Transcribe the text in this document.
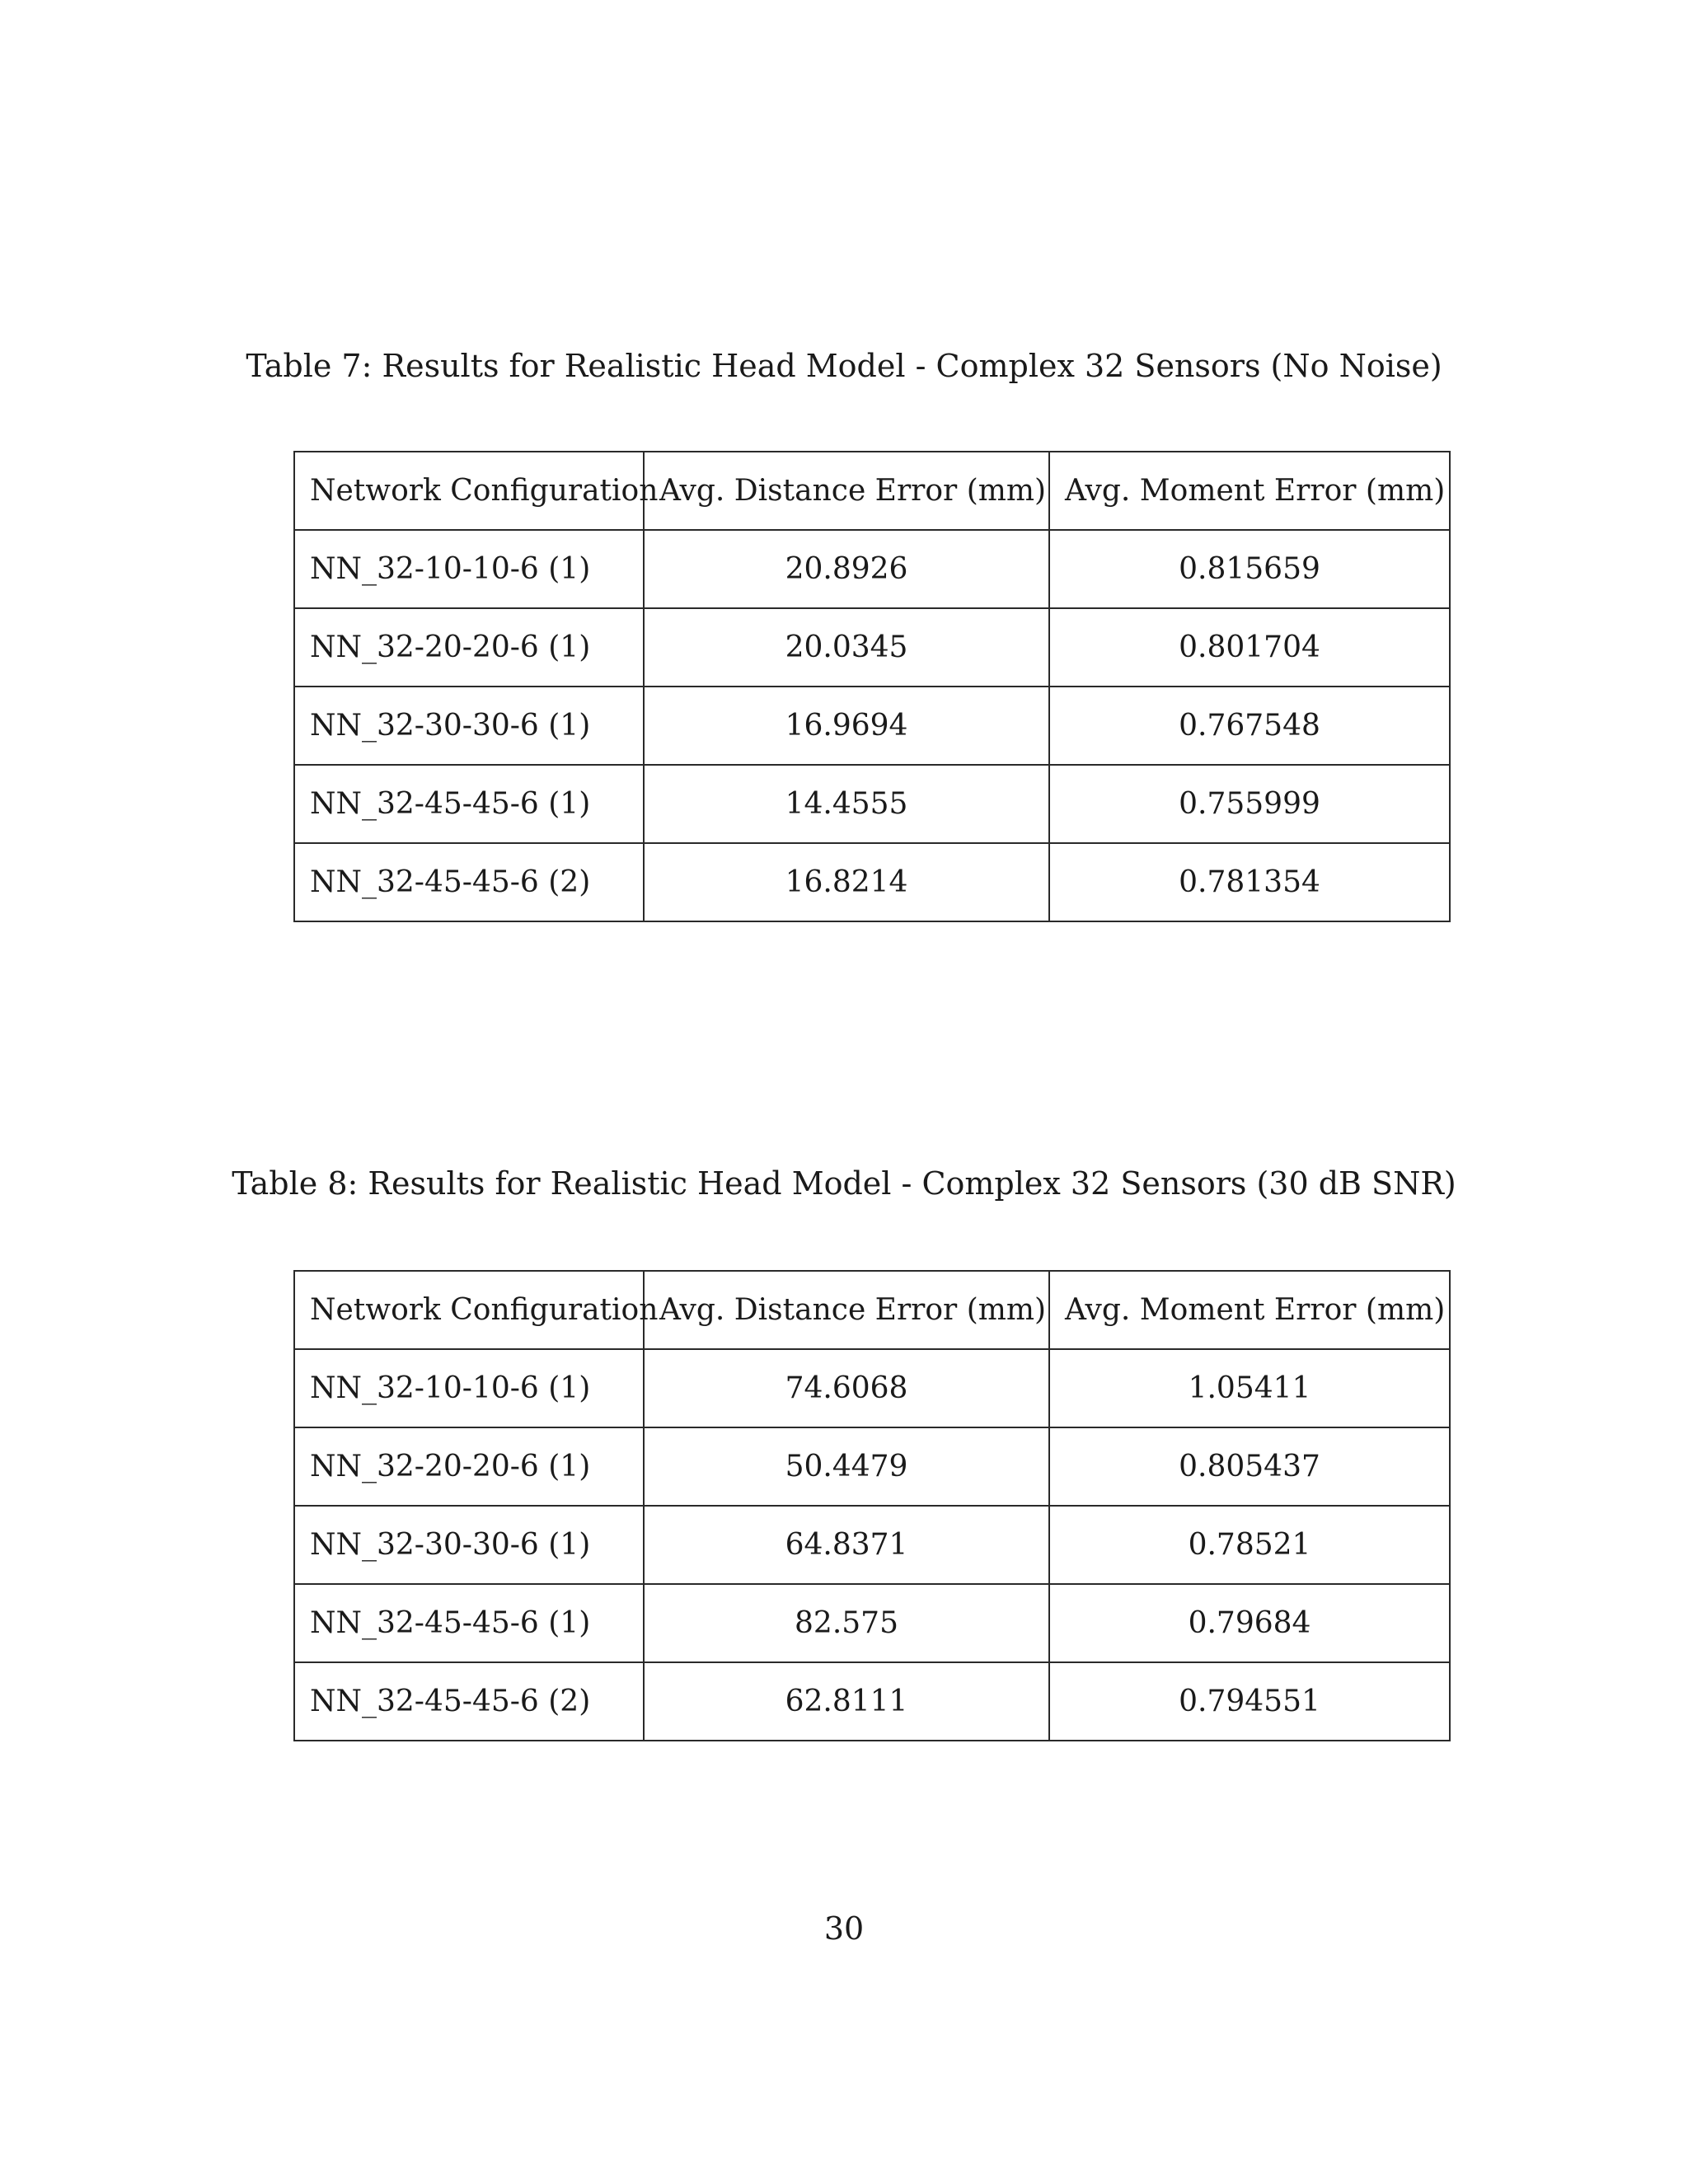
Table 7: Results for Realistic Head Model - Complex 32 Sensors (No Noise)
Network Configuration	Avg. Distance Error (mm)	Avg. Moment Error (mm)
NN_32-10-10-6 (1)	20.8926	0.815659
NN_32-20-20-6 (1)	20.0345	0.801704
NN_32-30-30-6 (1)	16.9694	0.767548
NN_32-45-45-6 (1)	14.4555	0.755999
NN_32-45-45-6 (2)	16.8214	0.781354
Table 8: Results for Realistic Head Model - Complex 32 Sensors (30 dB SNR)
Network Configuration	Avg. Distance Error (mm)	Avg. Moment Error (mm)
NN_32-10-10-6 (1)	74.6068	1.05411
NN_32-20-20-6 (1)	50.4479	0.805437
NN_32-30-30-6 (1)	64.8371	0.78521
NN_32-45-45-6 (1)	82.575	0.79684
NN_32-45-45-6 (2)	62.8111	0.794551
30
